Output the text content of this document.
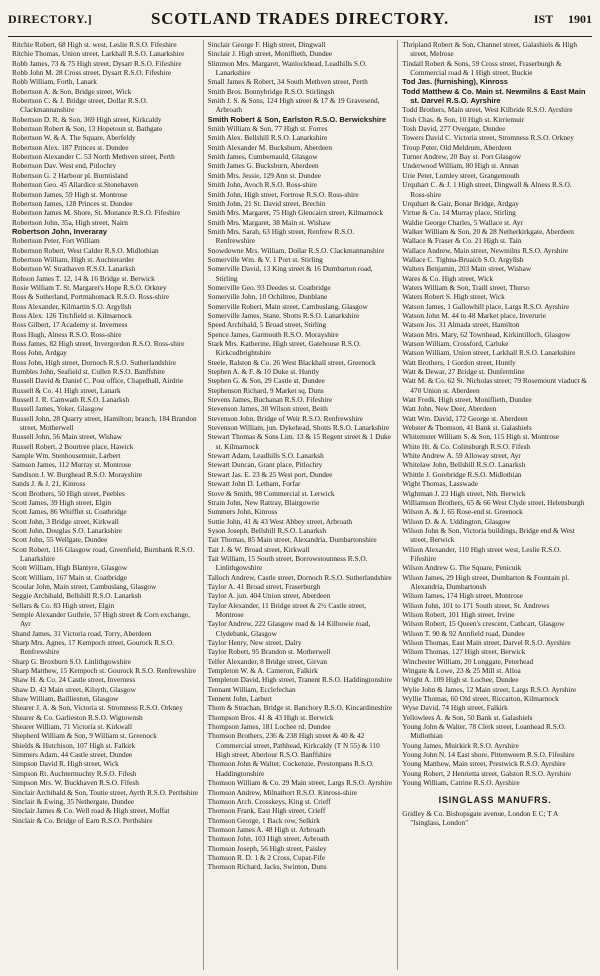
DIRECTORY.]	SCOTLAND TRADES DIRECTORY.	IST 1901

Ritchie Robert, 68 High st. west, Leslie R.S.O. Fifeshire

Ritchie Thomas, Union street, Larkhall R.S.O. Lanarkshire

Robb James, 73 & 75 High street, Dysart R.S.O. Fifeshire

Robb John M. 28 Cross street, Dysart R.S.O. Fifeshire

Robb William, Forth, Lanark

Robertson A. & Son, Bridge street, Wick

Robertson C. & J. Bridge street, Dollar R.S.O. Clackmannanshire

Robertson D. R. & Son, 369 High street, Kirkcaldy

Robertson Robert & Son, 13 Hopetoun st. Bathgate

Robertson W. & A. The Square, Aberfeldy

Robertson Alex. 187 Princes st. Dundee

Robertson Alexander C. 53 North Methven street, Perth

Robertson Dav. West end, Pitlochry

Robertson G. 2 Harbour pl. Burntisland

Robertson Geo. 45 Allardice st.Stonehaven

Robertson James, 59 High st. Montrose

Robertson James, 128 Princes st. Dundee

Robertson James M. Shore, St. Monance R.S.O. Fifeshire

Robertson John, 35a, High street, Nairn

Robertson John, Inveraray

Robertson Peter, Fort William

Robertson Robert, West Calder R.S.O. Midlothian

Robertson William, High st. Auchterarder

Robertson W. Strathaven R.S.O. Lanarksh

Robson James T. 12, 14 & 16 Bridge st. Berwick

Rosie William T. St. Margaret's Hope R.S.O. Orkney

Ross & Sutherland, Portmahomack R.S.O. Ross-shire

Ross Alexander, Kilmartin S.O. Argyllsh

Ross Alex. 126 Titchfield st. Kilmarnock

Ross Gilbert, 17 Academy st. Inverness

Ross Hugh, Alness R.S.O. Ross-shire

Ross James, 82 High street, Invergordon R.S.O. Ross-shire

Ross John, Ardgay

Ross John, High street, Dornoch R.S.O. Sutherlandshire

Rumbles John, Seafield st. Cullen R.S.O. Banffshire

Russell David & Daniel C. Post office, Chapelhall, Airdrie

Russell & Co. 41 High street, Lanark

Russell J. R. Carnwath R.S.O. Lanarksh

Russell James, Yoker, Glasgow

Russell John, 28 Quarry street, Hamilton; branch, 184 Brandon street, Motherwell

Russell John, 56 Main street, Wishaw

Russell Robert, 2 Bourtree place, Hawick

Sample Wm. Stenhousemuir, Larbert

Samson James, 112 Murray st. Montrose

Sandison J. W. Burghead R.S.O. Morayshire

Sands J. & J. 21, Kinross

Scott Brothers, 50 High street, Peebles

Scott James, 39 High street, Elgin

Scott James, 86 Whifflet st. Coatbridge

Scott John, 3 Bridge street, Kirkwall

Scott John, Douglas S.O. Lanarkshire

Scott John, 55 Wellgate, Dundee

Scott Robert, 116 Glasgow road, Greenfield, Burnbank R.S.O. Lanarkshire

Scott William, High Blantyre, Glasgow

Scott William, 167 Main st. Coatbridge

Scoular John, Main street, Cambuslang, Glasgow

Seggie Archibald, Bellshill R.S.O. Lanarksh

Sellars & Co. 83 High street, Elgin

Semple Alexander Guthrie, 57 High street & Corn exchange, Ayr

Shand James, 31 Victoria road, Torry, Aberdeen

Sharp Mrs. Agnes, 17 Kempoch street, Gourock R.S.O. Renfrewshire

Sharp G. Broxburn S.O. Linlithgowshire

Sharp Matthew, 15 Kempoch st. Gourock R.S.O. Renfrewshire

Shaw H. & Co. 24 Castle street, Inverness

Shaw D. 43 Main street, Kilsyth, Glasgow

Shaw William, Baillieston, Glasgow

Shearer J. A. & Son, Victoria st. Stromness R.S.O. Orkney

Shearer & Co. Garlieston R.S.O. Wigtownsh

Shearer William, 71 Victoria st. Kirkwall

Shepherd William & Son, 9 William st. Greenock

Shields & Hutchison, 107 High st. Falkirk

Simmers Adam, 44 Castle street, Dundee

Simpson David R. High street, Wick

Simpson Rt. Auchtermuchty R.S.O. Fifesh

Simpson Mrs. W. Buckhaven R.S.O. Fifesh

Sinclair Archibald & Son, Toutie street, Ayrth R.S.O. Perthshire

Sinclair & Ewing, 35 Nethergate, Dundee

Sinclair James & Co. Well road & High street, Moffat

Sinclair & Co. Bridge of Earn R.S.O. Perthshire

Sinclair George F. High street, Dingwall

Sinclair J. High street, Moniflieth, Dundee

Slimmon Mrs. Margaret, Wanlockhead, Leadhills S.O. Lanarkshire

Small James & Robert, 34 South Methven street, Perth

Smith Bros. Bonnybridge R.S.O. Stirlingsh

Smith J. S. & Sons, 124 High street & 17 & 19 Gravesend, Arbroath

Smith Robert & Son, Earlston R.S.O. Berwickshire

Smith William & Son, 77 High st. Forres

Smith Alex. Bellshill R.S.O. Lanarkshire

Smith Alexander M. Bucksburn, Aberdeen

Smith James, Cumbernauld, Glasgow

Smith James G. Bucksburn, Aberdeen

Smith Mrs. Jessie, 129 Ann st. Dundee

Smith John, Avoch R.S.O. Ross-shire

Smith John, High street, Fortrose R.S.O. Ross-shire

Smith John, 21 St. David street, Brechin

Smith Mrs. Margaret, 75 High Glencairn street, Kilmarnock

Smith Mrs. Margaret, 38 Main st. Wishaw

Smith Mrs. Sarah, 63 High street, Renfrew R.S.O. Renfrewshire

Snowdowne Mrs. William, Dollar R.S.O. Clackmannanshire

Somerville Wm. & V. 1 Port st. Stirling

Somerville David, 13 King street & 16 Dumbarton road, Stirling

Somerville Geo. 93 Deedes st. Coatbridge

Somerville John, 10 Ochiltree, Dunblane

Somerville Robert, Main street, Cambuslang, Glasgow

Somerville James, Stane, Shotts R.S.O. Lanarkshire

Speed Archibald, 5 Broad street, Stirling

Spence James, Garmouth R.S.O. Morayshire

Stark Mrs. Katherine, High street, Gatehouse R.S.O. Kirkcudbrightshire

Steele, Ralston & Co. 26 West Blackhall street, Greenock

Stephen A. & F. & 10 Duke st. Huntly

Stephen G. & Son, 29 Castle st. Dundee

Stephenson Richard, 9 Market sq. Duns

Stevens James, Buchanan R.S.O. Fifeshire

Stevenson James, 30 Wilson street, Beith

Stevenson John, Bridge of Weir R.S.O. Renfrewshire

Stevenson William, jun. Dykehead, Shotts R.S.O. Lanarkshire

Stewart Thomas & Sons Lim. 13 & 15 Regent street & 1 Duke st. Kilmarnock

Stewart Adam, Leadhills S.O. Lanarksh

Stewart Duncan, Grant place, Pitlochry

Stewart Jas. E. 23 & 25 West port, Dundee

Stewart John D. Letham, Forfar

Stove & Smith, 98 Commercial st. Lerwick

Strain John, New Rattray, Blairgowrie

Summers John, Kinross

Suttie John, 41 & 43 West Abbey street, Arbroath

Syson Joseph, Bellshill R.S.O. Lanarksh

Tait Thomas, 85 Main street, Alexandria, Dumbartonshire

Tait J. & W. Broad street, Kirkwall

Tait William, 15 South street, Borrowstounness R.S.O. Linlithgowshire

Talloch Andrew, Castle street, Dornoch R.S.O. Sutherlandshire

Taylor A. 41 Broad street, Fraserburgh

Taylor A. jun. 404 Union street, Aberdeen

Taylor Alexander, 11 Bridge street & 2½ Castle street, Montrose

Taylor Andrew, 222 Glasgow road & 14 Kilbowie road, Clydebank, Glasgow

Taylor Henry, New street, Dalry

Taylor Robert, 95 Brandon st. Motherwell

Telfer Alexander, 8 Bridge street, Girvan

Templeton W. & A. Cameron, Falkirk

Templeton David, High street, Tranent R.S.O. Haddingtonshire

Tennant William, Ecclefechan

Tennent John, Larbert

Thom & Strachan, Bridge st. Banchory R.S.O. Kincardineshire

Thompson Bros. 41 & 43 High st. Berwick

Thompson James, 181 Lochee rd. Dundee

Thomson Brothers, 236 & 238 High street & 40 & 42 Commercial street, Pathhead, Kirkcaldy (T N 55) & 110 High street, Aberlour R.S.O. Banffshire

Thomson John & Walter, Cockenzie, Prestonpans R.S.O. Haddingtonshire

Thomson William & Co. 29 Main street, Largs R.S.O. Ayrshire

Thomson Andrew, Milnathort R.S.O. Kinross-shire

Thomson Arch. Crosskeys, King st. Crieff

Thomson Frank, East High street, Crieff

Thomson George, 1 Back row, Selkirk

Thomson James A. 48 High st. Arbroath

Thomson John, 103 High street, Arbroath

Thomson Joseph, 56 High street, Paisley

Thomson R. D. 1 & 2 Cross, Cupar-Fife

Thomson Richard, Jacks, Swinton, Duns

Thripland Robert & Son, Channel street, Galashiels & High street, Melrose

Tindall Robert & Sons, 59 Cross street, Fraserburgh & Commercial road & 1 High street, Buckie

Tod Jas. (furnishing), Kinross

Todd Matthew & Co. Main st. Newmilns & East Main st. Darvel R.S.O. Ayrshire

Todd Brothers, Main street, West Kilbride R.S.O. Ayrshire

Tosh Chas. & Son, 10 High st. Kirriemuir

Tosh David, 277 Overgate, Dundee

Towers David C. Victoria street, Stromness R.S.O. Orkney

Troup Peter, Old Meldrum, Aberdeen

Turner Andrew, 20 Bay st. Port Glasgow

Underwood William, 80 High st. Annan

Urie Peter, Lumley street, Grangemouth

Urquhart C. & J. 1 High street, Dingwall & Alness R.S.O. Ross-shire

Urquhart & Gair, Bonar Bridge, Ardgay

Virtue & Co. 14 Murray place, Stirling

Waldie George Charles, 5 Wallace st. Ayr

Walker William & Son, 20 & 28 Netherkirkgate, Aberdeen

Wallace & Fraser & Co. 21 High st. Tain

Wallace Andrew, Main street, Newmilns R.S.O. Ayrshire

Wallace C. Tighna-Bruaich S.O. Argyllsh

Walters Benjamin, 203 Main street, Wishaw

Wares & Co. High street, Wick

Waters William & Son, Traill street, Thurso

Waters Robert S. High street, Wick

Watson James, 1 Gallowhill place, Largs R.S.O. Ayrshire

Watson John M. 44 to 48 Market place, Inverurie

Watson Jos. 31 Almada street, Hamilton

Watson Mrs. Mary, 62 Townhead, Kirkintilloch, Glasgow

Watson William, Crossford, Carluke

Watson William, Union street, Larkhall R.S.O. Lanarkshire

Watt Brothers, 1 Gordon street, Huntly

Watt & Dewar, 27 Bridge st. Dunfermline

Watt M. & Co. 62 St. Nicholas street; 79 Rosemount viaduct & 470 Union st. Aberdeen

Watt Fredk. High street, Moniflieth, Dundee

Watt John, New Deer, Aberdeen

Watt Wm. David, 172 George st. Aberdeen

Webster & Thomson, 41 Bank st. Galashiels

Whitemster William S. & Son, 115 High st. Montrose

White Ht. & Co. Colinsburgh R.S.O. Fifesh

White Andrew A. 59 Alloway street, Ayr

Whitelaw John, Bellshill R.S.O. Lanarksh

Whittle J. Gorebridge R.S.O. Midlothian

Wight Thomas, Lasswade

Wightman J. 23 High street, Nth. Berwick

Williamson Brothers, 65 & 66 West Clyde street, Helensburgh

Wilson A. & J. 65 Rose-end st. Greenock

Wilson D. & A. Uddington, Glasgow

Wilson John & Son, Victoria buildings, Bridge end & West street, Berwick

Wilson Alexander, 110 High street west, Leslie R.S.O. Fifeshire

Wilson Andrew G. The Square, Penicuik

Wilson James, 29 High street, Dumbarton & Fountain pl. Alexandria, Dumbartonsh

Wilson James, 174 High street, Montrose

Wilson John, 101 to 171 South street, St. Andrews

Wilson Robert, 101 High street, Irvine

Wilson Robert, 15 Queen's crescent, Cathcart, Glasgow

Wilson T. 90 & 92 Annfield road, Dundee

Wilson Thomas, East Main street, Darvel R.S.O. Ayrshire

Wilson Thomas, 127 High street, Berwick

Winchester William, 20 Longgate, Peterhead

Wingate & Lowe, 23 & 25 Mill st. Alloa

Wright A. 109 High st. Lochee, Dundee

Wylie John & James, 12 Main street, Largs R.S.O. Ayrshire

Wyllie Thomas, 60 Old street, Riccarton, Kilmarnock

Wyse David, 74 High street, Falkirk

Yellowlees A. & Son, 50 Bank st. Galashiels

Young John & Walter, 78 Clerk street, Loanhead R.S.O. Midlothian

Young James, Muirkirk R.S.O. Ayrshire

Young John N. 14 East shore, Pittenweem R.S.O. Fifeshire

Young Matthew, Main street, Prestwick R.S.O. Ayrshire

Young Robert, 2 Henrietta street, Galston R.S.O. Ayrshire

Young William, Catrine R.S.O. Ayrshire

ISINGLASS MANUFRS.

Gridley & Co. Bishopsgate avenue, London E C; T A "Isinglass, London"
